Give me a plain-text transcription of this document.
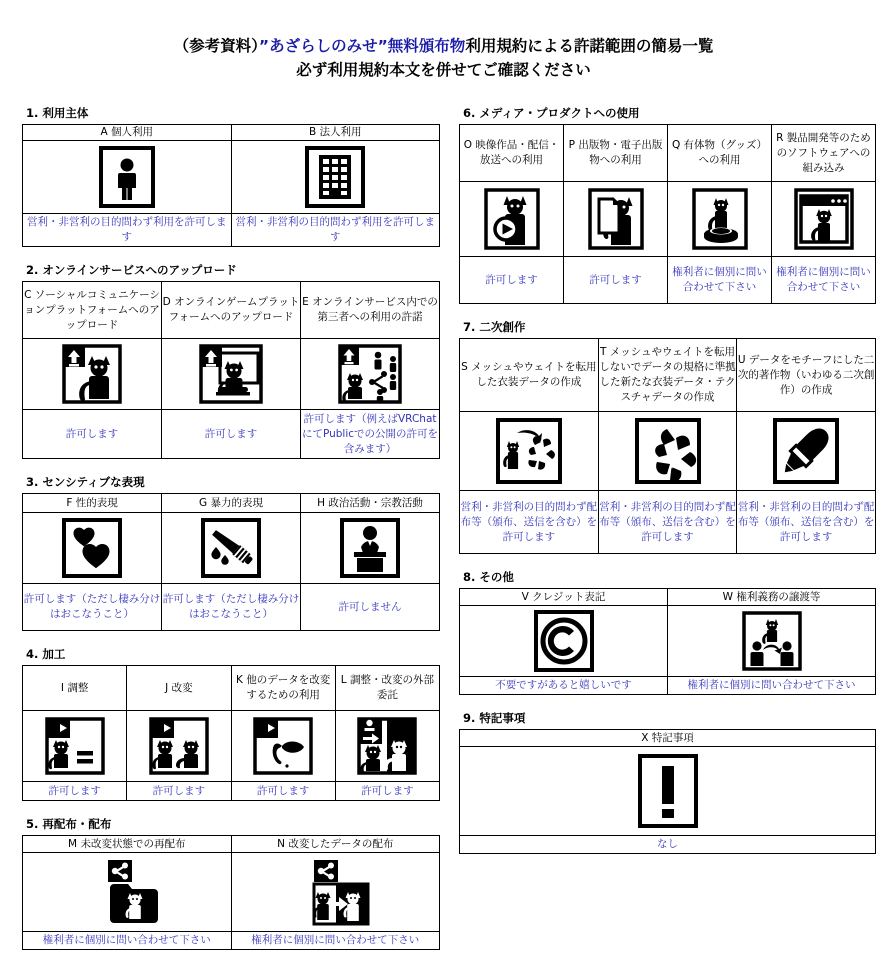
（参考資料）”あざらしのみせ”無料頒布物利用規約による許諾範囲の簡易一覧
必ず利用規約本文を併せてご確認ください
1. 利用主体
A 個人利用	B 法人利用

営利・非営利の目的問わず利用を許可します	営利・非営利の目的問わず利用を許可します
2. オンラインサービスへのアップロード
C ソーシャルコミュニケーションプラットフォームへのアップロード	D オンラインゲームプラットフォームへのアップロード	E オンラインサービス内での第三者への利用の許諾

許可します	許可します	許可します（例えばVRChatにてPublicでの公開の許可を含みます）
3. センシティブな表現
F 性的表現	G 暴力的表現	H 政治活動・宗教活動

許可します（ただし棲み分けはおこなうこと）	許可します（ただし棲み分けはおこなうこと）	許可しません
4. 加工
I 調整	J 改変	K 他のデータを改変するための利用	L 調整・改変の外部委託

許可します	許可します	許可します	許可します
5. 再配布・配布
M 未改変状態での再配布	N 改変したデータの配布

権利者に個別に問い合わせて下さい	権利者に個別に問い合わせて下さい
6. メディア・プロダクトへの使用
O 映像作品・配信・放送への利用	P 出版物・電子出版物への利用	Q 有体物（グッズ）への利用	R 製品開発等のためのソフトウェアへの組み込み

許可します	許可します	権利者に個別に問い合わせて下さい	権利者に個別に問い合わせて下さい
7. 二次創作
S メッシュやウェイトを転用した衣装データの作成	T メッシュやウェイトを転用しないでデータの規格に準拠した新たな衣装データ・テクスチャデータの作成	U データをモチーフにした二次的著作物（いわゆる二次創作）の作成

営利・非営利の目的問わず配布等（頒布、送信を含む）を許可します	営利・非営利の目的問わず配布等（頒布、送信を含む）を許可します	営利・非営利の目的問わず配布等（頒布、送信を含む）を許可します
8. その他
V クレジット表記	W 権利義務の譲渡等

不要ですがあると嬉しいです	権利者に個別に問い合わせて下さい
9. 特記事項
X 特記事項

なし
